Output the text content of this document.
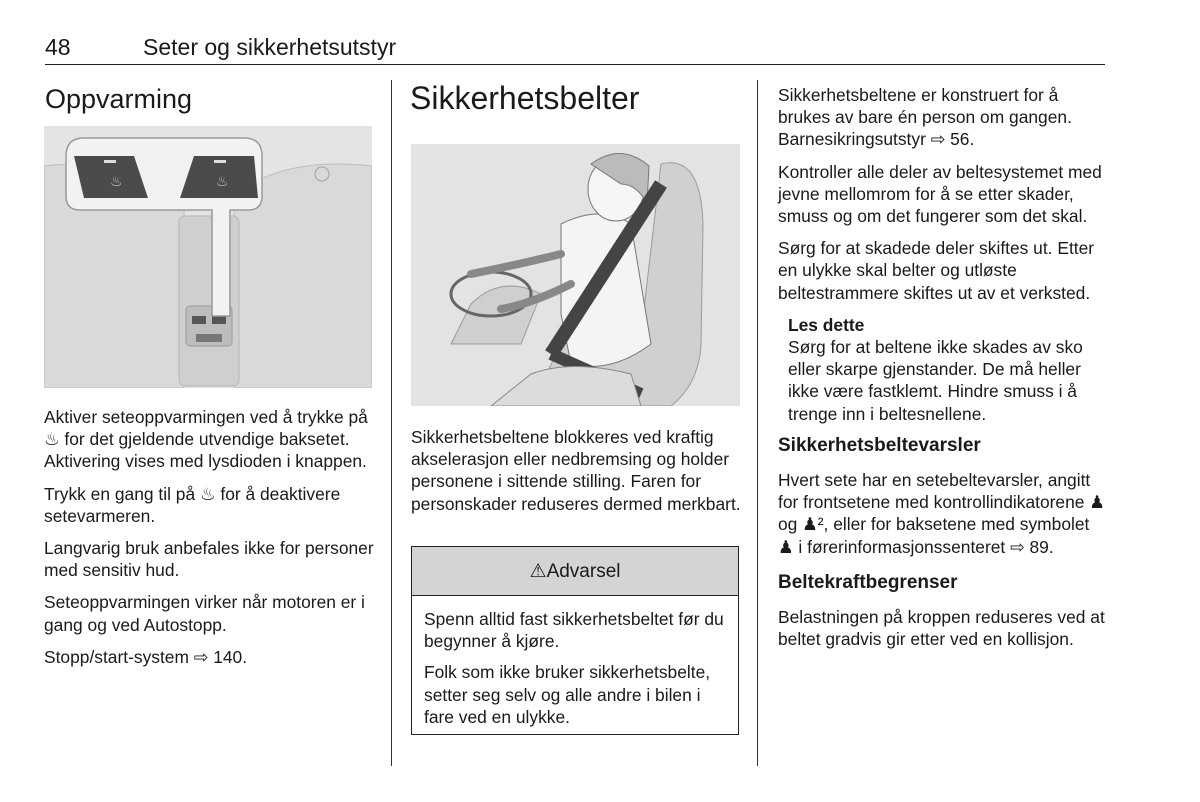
48	Seter og sikkerhetsutstyr
Oppvarming
♨	♨

Aktiver seteoppvarmingen ved å trykke på ♨ for det gjeldende utvendige baksetet. Aktivering vises med lysdioden i knappen.

Trykk en gang til på ♨ for å deaktivere setevarmeren.

Langvarig bruk anbefales ikke for personer med sensitiv hud.

Seteoppvarmingen virker når motoren er i gang og ved Autostopp.

Stopp/start-system ⇨ 140.

Sikkerhetsbelter

Sikkerhetsbeltene blokkeres ved kraftig akselerasjon eller nedbremsing og holder personene i sittende stilling. Faren for personskader reduseres dermed merkbart.

⚠Advarsel

Spenn alltid fast sikkerhetsbeltet før du begynner å kjøre.

Folk som ikke bruker sikkerhetsbelte, setter seg selv og alle andre i bilen i fare ved en ulykke.

Sikkerhetsbeltene er konstruert for å brukes av bare én person om gangen. Barnesikringsutstyr ⇨ 56.

Kontroller alle deler av beltesystemet med jevne mellomrom for å se etter skader, smuss og om det fungerer som det skal.

Sørg for at skadede deler skiftes ut. Etter en ulykke skal belter og utløste beltestrammere skiftes ut av et verksted.

Les dette
Sørg for at beltene ikke skades av sko eller skarpe gjenstander. De må heller ikke være fastklemt. Hindre smuss i å trenge inn i beltesnellene.
Sikkerhetsbeltevarsler

Hvert sete har en setebeltevarsler, angitt for frontsetene med kontrollindikatorene ♟ og ♟², eller for baksetene med symbolet ♟ i førerinformasjonssenteret ⇨ 89.

Beltekraftbegrenser

Belastningen på kroppen reduseres ved at beltet gradvis gir etter ved en kollisjon.
